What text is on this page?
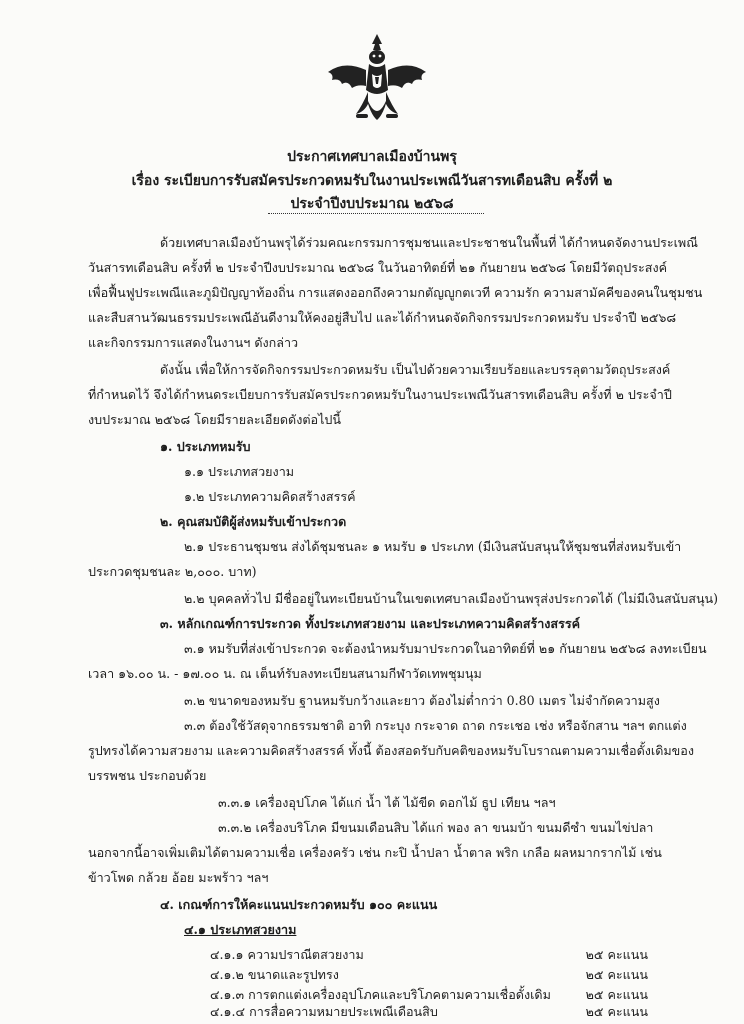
ประกาศเทศบาลเมืองบ้านพรุ
เรื่อง ระเบียบการรับสมัครประกวดหมรับในงานประเพณีวันสารทเดือนสิบ ครั้งที่ ๒
ประจำปีงบประมาณ ๒๕๖๘
ด้วยเทศบาลเมืองบ้านพรุได้ร่วมคณะกรรมการชุมชนและประชาชนในพื้นที่ ได้กำหนดจัดงานประเพณี
วันสารทเดือนสิบ ครั้งที่ ๒ ประจำปีงบประมาณ ๒๕๖๘ ในวันอาทิตย์ที่ ๒๑ กันยายน ๒๕๖๘ โดยมีวัตถุประสงค์
เพื่อฟื้นฟูประเพณีและภูมิปัญญาท้องถิ่น การแสดงออกถึงความกตัญญูกตเวที ความรัก ความสามัคคีของคนในชุมชน
และสืบสานวัฒนธรรมประเพณีอันดีงามให้คงอยู่สืบไป และได้กำหนดจัดกิจกรรมประกวดหมรับ ประจำปี ๒๕๖๘
และกิจกรรมการแสดงในงานฯ ดังกล่าว
ดังนั้น เพื่อให้การจัดกิจกรรมประกวดหมรับ เป็นไปด้วยความเรียบร้อยและบรรลุตามวัตถุประสงค์
ที่กำหนดไว้ จึงได้กำหนดระเบียบการรับสมัครประกวดหมรับในงานประเพณีวันสารทเดือนสิบ ครั้งที่ ๒ ประจำปี
งบประมาณ ๒๕๖๘ โดยมีรายละเอียดดังต่อไปนี้
๑. ประเภทหมรับ
๑.๑ ประเภทสวยงาม
๑.๒ ประเภทความคิดสร้างสรรค์
๒. คุณสมบัติผู้ส่งหมรับเข้าประกวด
๒.๑ ประธานชุมชน ส่งได้ชุมชนละ ๑ หมรับ ๑ ประเภท (มีเงินสนับสนุนให้ชุมชนที่ส่งหมรับเข้า
ประกวดชุมชนละ ๒,๐๐๐. บาท)
๒.๒ บุคคลทั่วไป มีชื่ออยู่ในทะเบียนบ้านในเขตเทศบาลเมืองบ้านพรุส่งประกวดได้ (ไม่มีเงินสนับสนุน)
๓. หลักเกณฑ์การประกวด ทั้งประเภทสวยงาม และประเภทความคิดสร้างสรรค์
๓.๑ หมรับที่ส่งเข้าประกวด จะต้องนำหมรับมาประกวดในอาทิตย์ที่ ๒๑ กันยายน ๒๕๖๘ ลงทะเบียน
เวลา ๑๖.๐๐ น. - ๑๗.๐๐ น. ณ เต็นท์รับลงทะเบียนสนามกีฬาวัดเทพชุมนุม
๓.๒ ขนาดของหมรับ ฐานหมรับกว้างและยาว ต้องไม่ต่ำกว่า 0.80 เมตร ไม่จำกัดความสูง
๓.๓ ต้องใช้วัสดุจากธรรมชาติ อาทิ กระบุง กระจาด ถาด กระเชอ เช่ง หรือจักสาน ฯลฯ ตกแต่ง
รูปทรงได้ความสวยงาม และความคิดสร้างสรรค์ ทั้งนี้ ต้องสอดรับกับคติของหมรับโบราณตามความเชื่อดั้งเดิมของ
บรรพชน ประกอบด้วย
๓.๓.๑ เครื่องอุปโภค ได้แก่ น้ำ ไต้ ไม้ขีด ดอกไม้ ธูป เทียน ฯลฯ
๓.๓.๒ เครื่องบริโภค มีขนมเดือนสิบ ได้แก่ พอง ลา ขนมบ้า ขนมดีซำ ขนมไข่ปลา
นอกจากนี้อาจเพิ่มเติมได้ตามความเชื่อ เครื่องครัว เช่น กะปิ น้ำปลา น้ำตาล พริก เกลือ ผลหมากรากไม้ เช่น
ข้าวโพด กล้วย อ้อย มะพร้าว ฯลฯ
๔. เกณฑ์การให้คะแนนประกวดหมรับ ๑๐๐ คะแนน
๔.๑ ประเภทสวยงาม
๔.๑.๑ ความปราณีตสวยงาม	๒๕ คะแนน
๔.๑.๒ ขนาดและรูปทรง	๒๕ คะแนน
๔.๑.๓ การตกแต่งเครื่องอุปโภคและบริโภคตามความเชื่อดั้งเดิม	๒๕ คะแนน
๔.๑.๔ การสื่อความหมายประเพณีเดือนสิบ	๒๕ คะแนน
